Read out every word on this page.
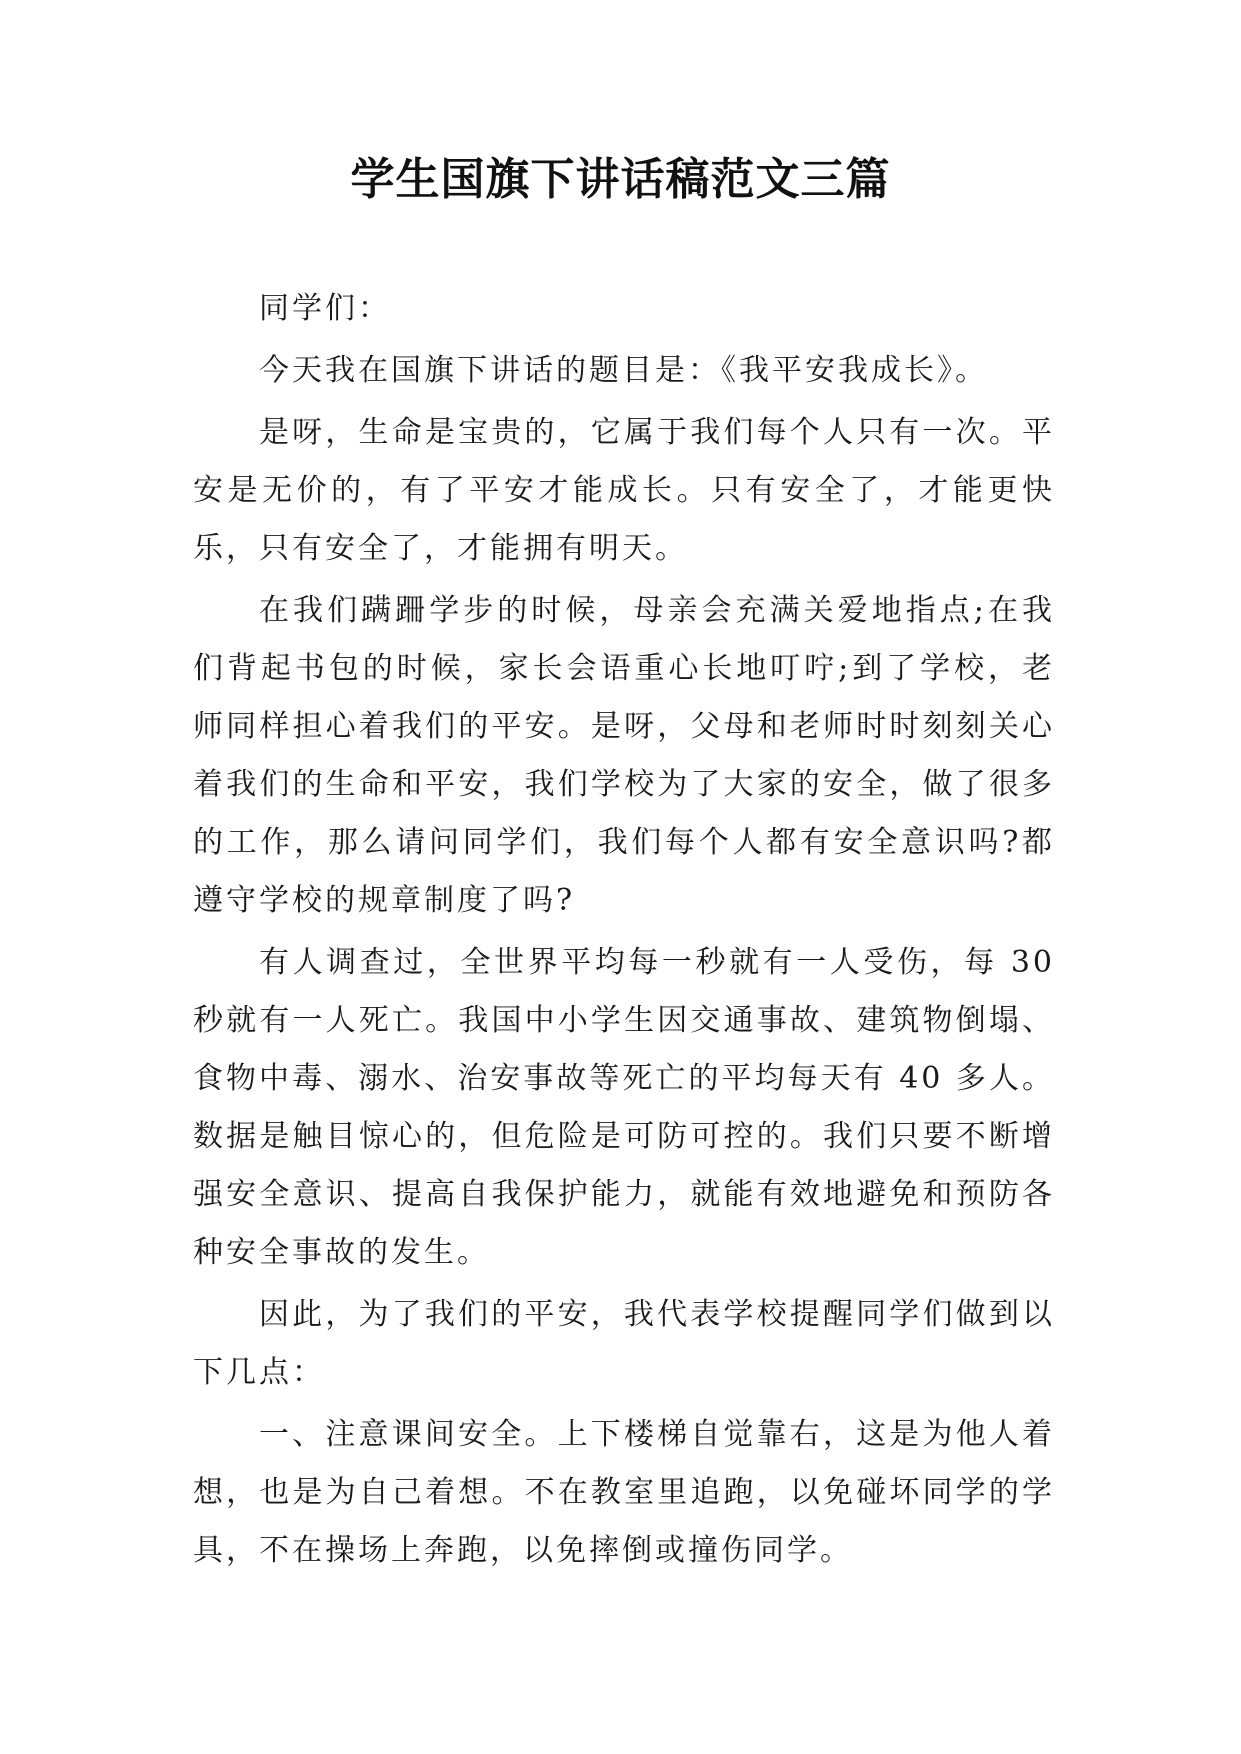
学生国旗下讲话稿范文三篇

同学们：

今天我在国旗下讲话的题目是：《我平安我成长》。

是呀，生命是宝贵的，它属于我们每个人只有一次。平安是无价的，有了平安才能成长。只有安全了，才能更快乐，只有安全了，才能拥有明天。

在我们蹒跚学步的时候，母亲会充满关爱地指点;在我们背起书包的时候，家长会语重心长地叮咛;到了学校，老师同样担心着我们的平安。是呀，父母和老师时时刻刻关心着我们的生命和平安，我们学校为了大家的安全，做了很多的工作，那么请问同学们，我们每个人都有安全意识吗?都遵守学校的规章制度了吗?

有人调查过，全世界平均每一秒就有一人受伤，每 30 秒就有一人死亡。我国中小学生因交通事故、建筑物倒塌、食物中毒、溺水、治安事故等死亡的平均每天有 40 多人。数据是触目惊心的，但危险是可防可控的。我们只要不断增强安全意识、提高自我保护能力，就能有效地避免和预防各种安全事故的发生。

因此，为了我们的平安，我代表学校提醒同学们做到以下几点：

一、注意课间安全。上下楼梯自觉靠右，这是为他人着想，也是为自己着想。不在教室里追跑，以免碰坏同学的学具，不在操场上奔跑，以免摔倒或撞伤同学。
